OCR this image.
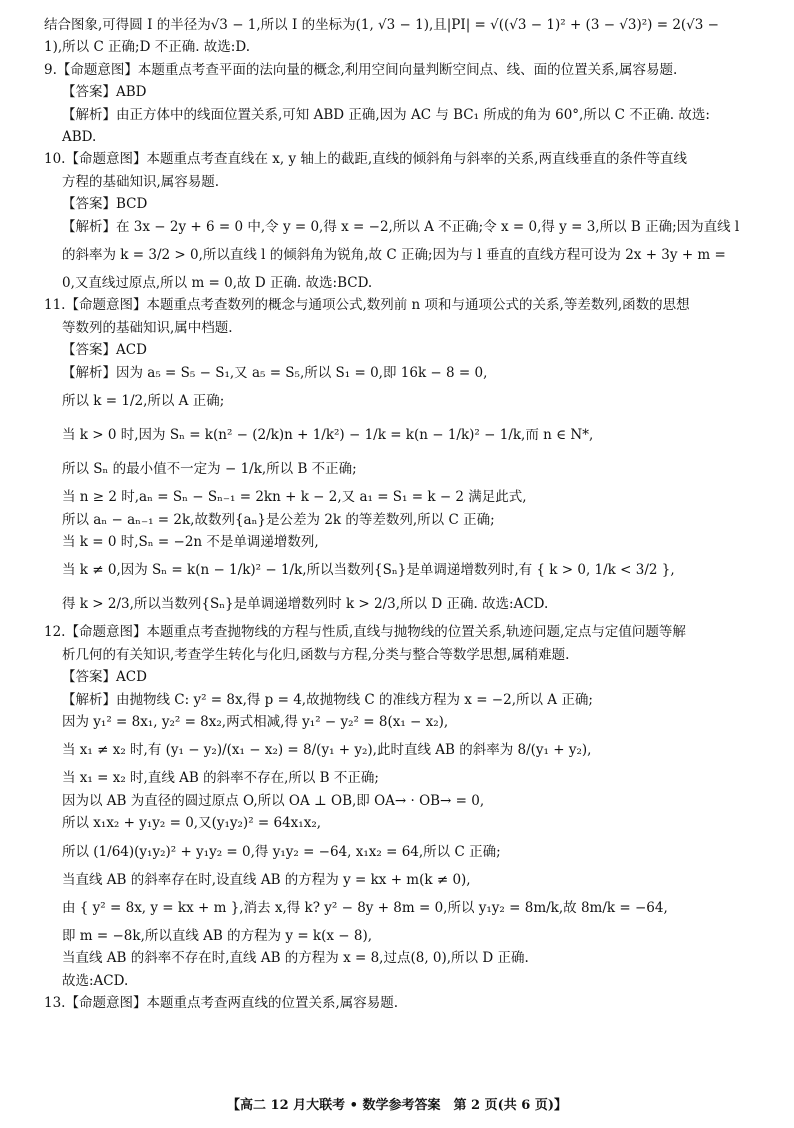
结合图象,可得圆 I 的半径为√3 − 1,所以 I 的坐标为(1, √3 − 1),且|PI| = √((√3 − 1)² + (3 − √3)²) = 2(√3 −
1),所以 C 正确;D 不正确. 故选:D.
9.【命题意图】本题重点考查平面的法向量的概念,利用空间向量判断空间点、线、面的位置关系,属容易题.
【答案】ABD
【解析】由正方体中的线面位置关系,可知 ABD 正确,因为 AC 与 BC₁ 所成的角为 60°,所以 C 不正确. 故选:
ABD.
10.【命题意图】本题重点考查直线在 x, y 轴上的截距,直线的倾斜角与斜率的关系,两直线垂直的条件等直线
方程的基础知识,属容易题.
【答案】BCD
【解析】在 3x − 2y + 6 = 0 中,令 y = 0,得 x = −2,所以 A 不正确;令 x = 0,得 y = 3,所以 B 正确;因为直线 l
的斜率为 k = 3/2 > 0,所以直线 l 的倾斜角为锐角,故 C 正确;因为与 l 垂直的直线方程可设为 2x + 3y + m =
0,又直线过原点,所以 m = 0,故 D 正确. 故选:BCD.
11.【命题意图】本题重点考查数列的概念与通项公式,数列前 n 项和与通项公式的关系,等差数列,函数的思想
等数列的基础知识,属中档题.
【答案】ACD
【解析】因为 a₅ = S₅ − S₁,又 a₅ = S₅,所以 S₁ = 0,即 16k − 8 = 0,
所以 k = 1/2,所以 A 正确;
当 k > 0 时,因为 Sₙ = k(n² − (2/k)n + 1/k²) − 1/k = k(n − 1/k)² − 1/k,而 n ∈ N*,
所以 Sₙ 的最小值不一定为 − 1/k,所以 B 不正确;
当 n ≥ 2 时,aₙ = Sₙ − Sₙ₋₁ = 2kn + k − 2,又 a₁ = S₁ = k − 2 满足此式,
所以 aₙ − aₙ₋₁ = 2k,故数列{aₙ}是公差为 2k 的等差数列,所以 C 正确;
当 k = 0 时,Sₙ = −2n 不是单调递增数列,
当 k ≠ 0,因为 Sₙ = k(n − 1/k)² − 1/k,所以当数列{Sₙ}是单调递增数列时,有 { k > 0, 1/k < 3/2 },
得 k > 2/3,所以当数列{Sₙ}是单调递增数列时 k > 2/3,所以 D 正确. 故选:ACD.
12.【命题意图】本题重点考查抛物线的方程与性质,直线与抛物线的位置关系,轨迹问题,定点与定值问题等解
析几何的有关知识,考查学生转化与化归,函数与方程,分类与整合等数学思想,属稍难题.
【答案】ACD
【解析】由抛物线 C: y² = 8x,得 p = 4,故抛物线 C 的准线方程为 x = −2,所以 A 正确;
因为 y₁² = 8x₁, y₂² = 8x₂,两式相减,得 y₁² − y₂² = 8(x₁ − x₂),
当 x₁ ≠ x₂ 时,有 (y₁ − y₂)/(x₁ − x₂) = 8/(y₁ + y₂),此时直线 AB 的斜率为 8/(y₁ + y₂),
当 x₁ = x₂ 时,直线 AB 的斜率不存在,所以 B 不正确;
因为以 AB 为直径的圆过原点 O,所以 OA ⊥ OB,即 OA→ · OB→ = 0,
所以 x₁x₂ + y₁y₂ = 0,又(y₁y₂)² = 64x₁x₂,
所以 (1/64)(y₁y₂)² + y₁y₂ = 0,得 y₁y₂ = −64, x₁x₂ = 64,所以 C 正确;
当直线 AB 的斜率存在时,设直线 AB 的方程为 y = kx + m(k ≠ 0),
由 { y² = 8x, y = kx + m },消去 x,得 k? y² − 8y + 8m = 0,所以 y₁y₂ = 8m/k,故 8m/k = −64,
即 m = −8k,所以直线 AB 的方程为 y = k(x − 8),
当直线 AB 的斜率不存在时,直线 AB 的方程为 x = 8,过点(8, 0),所以 D 正确.
故选:ACD.
13.【命题意图】本题重点考查两直线的位置关系,属容易题.
【高二 12 月大联考 • 数学参考答案　第 2 页(共 6 页)】
